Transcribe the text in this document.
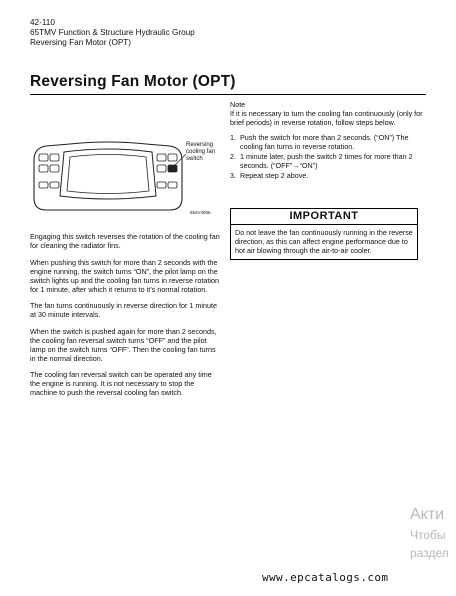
42-110
65TMV Function & Structure Hydraulic Group
Reversing Fan Motor (OPT)
Reversing Fan Motor (OPT)
Reversing
cooling fan
switch
652V4006

Engaging this switch reverses the rotation of the cooling fan for cleaning the radiator fins.

When pushing this switch for more than 2 seconds with the engine running, the switch turns “ON”, the pilot lamp on the switch lights up and the cooling fan turns in reverse rotation for 1 minute, after which it returns to it’s normal rotation.

The fan turns continuously in reverse direction for 1 minute at 30 minute intervals.

When the switch is pushed again for more than 2 seconds, the cooling fan reversal switch turns “OFF” and the pilot lamp on the switch turns “OFF”. Then the cooling fan turns in the normal direction.

The cooling fan reversal switch can be operated any time the engine is running. It is not necessary to stop the machine to push the reversal cooling fan switch.

Note
If it is necessary to turn the cooling fan continuously (only for brief periods) in reverse rotation, follow steps below.
1. Push the switch for more than 2 seconds. (“ON”) The cooling fan turns in reverse rotation.
2. 1 minute later, push the switch 2 times for more than 2 seconds. (“OFF”→“ON”)
3. Repeat step 2 above.
IMPORTANT
Do not leave the fan continuously running in the reverse direction, as this can affect engine performance due to hot air blowing through the air-to-air cooler.
Акти
Чтобы
раздел
www.epcatalogs.com
